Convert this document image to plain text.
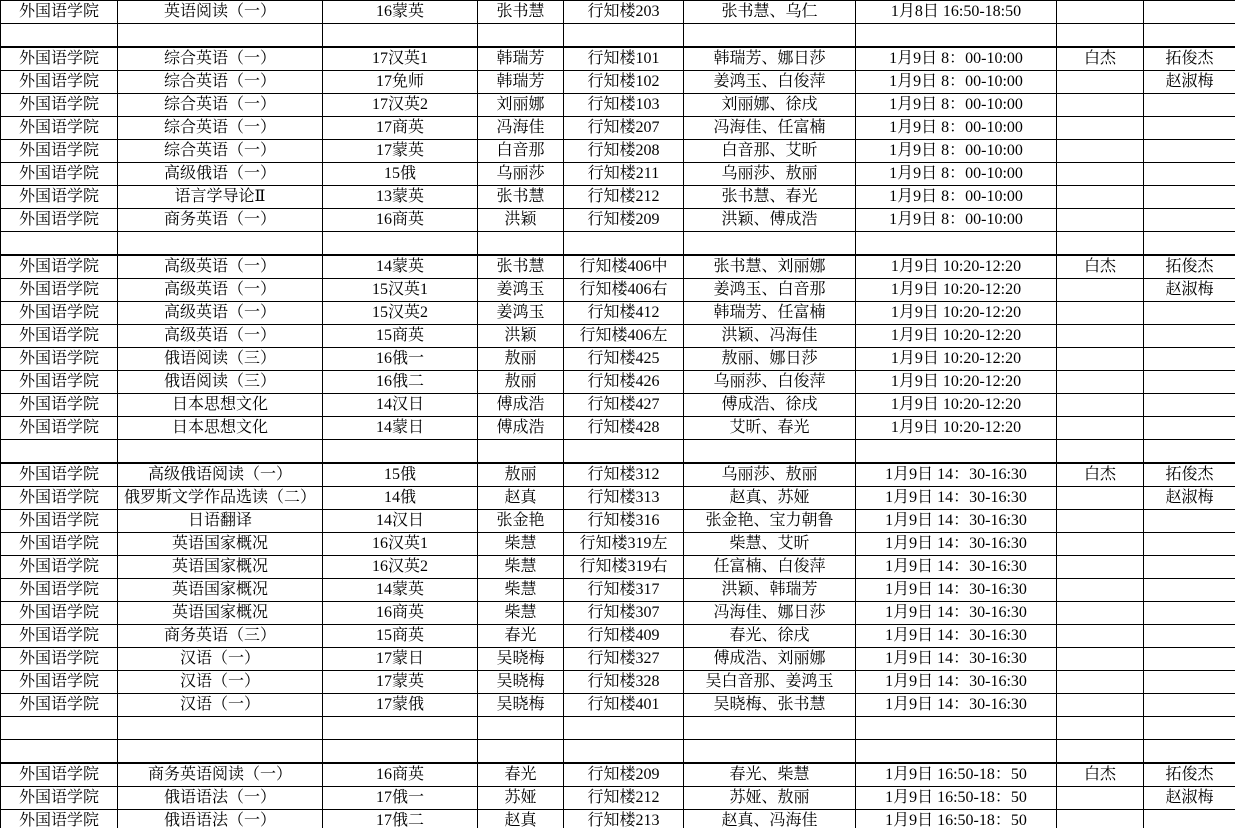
外国语学院	英语阅读（一）	16蒙英	张书慧	行知楼203	张书慧、乌仁	1月8日 16:50-18:50		

外国语学院	综合英语（一）	17汉英1	韩瑞芳	行知楼101	韩瑞芳、娜日莎	1月9日 8：00-10:00	白杰	拓俊杰
外国语学院	综合英语（一）	17免师	韩瑞芳	行知楼102	姜鸿玉、白俊萍	1月9日 8：00-10:00		赵淑梅
外国语学院	综合英语（一）	17汉英2	刘丽娜	行知楼103	刘丽娜、徐戌	1月9日 8：00-10:00		
外国语学院	综合英语（一）	17商英	冯海佳	行知楼207	冯海佳、任富楠	1月9日 8：00-10:00		
外国语学院	综合英语（一）	17蒙英	白音那	行知楼208	白音那、艾昕	1月9日 8：00-10:00		
外国语学院	高级俄语（一）	15俄	乌丽莎	行知楼211	乌丽莎、敖丽	1月9日 8：00-10:00		
外国语学院	语言学导论Ⅱ	13蒙英	张书慧	行知楼212	张书慧、春光	1月9日 8：00-10:00		
外国语学院	商务英语（一）	16商英	洪颖	行知楼209	洪颖、傅成浩	1月9日 8：00-10:00		

外国语学院	高级英语（一）	14蒙英	张书慧	行知楼406中	张书慧、刘丽娜	1月9日 10:20-12:20	白杰	拓俊杰
外国语学院	高级英语（一）	15汉英1	姜鸿玉	行知楼406右	姜鸿玉、白音那	1月9日 10:20-12:20		赵淑梅
外国语学院	高级英语（一）	15汉英2	姜鸿玉	行知楼412	韩瑞芳、任富楠	1月9日 10:20-12:20		
外国语学院	高级英语（一）	15商英	洪颖	行知楼406左	洪颖、冯海佳	1月9日 10:20-12:20		
外国语学院	俄语阅读（三）	16俄一	敖丽	行知楼425	敖丽、娜日莎	1月9日 10:20-12:20		
外国语学院	俄语阅读（三）	16俄二	敖丽	行知楼426	乌丽莎、白俊萍	1月9日 10:20-12:20		
外国语学院	日本思想文化	14汉日	傅成浩	行知楼427	傅成浩、徐戌	1月9日 10:20-12:20		
外国语学院	日本思想文化	14蒙日	傅成浩	行知楼428	艾昕、春光	1月9日 10:20-12:20		

外国语学院	高级俄语阅读（一）	15俄	敖丽	行知楼312	乌丽莎、敖丽	1月9日 14：30-16:30	白杰	拓俊杰
外国语学院	俄罗斯文学作品选读（二）	14俄	赵真	行知楼313	赵真、苏娅	1月9日 14：30-16:30		赵淑梅
外国语学院	日语翻译	14汉日	张金艳	行知楼316	张金艳、宝力朝鲁	1月9日 14：30-16:30		
外国语学院	英语国家概况	16汉英1	柴慧	行知楼319左	柴慧、艾昕	1月9日 14：30-16:30		
外国语学院	英语国家概况	16汉英2	柴慧	行知楼319右	任富楠、白俊萍	1月9日 14：30-16:30		
外国语学院	英语国家概况	14蒙英	柴慧	行知楼317	洪颖、韩瑞芳	1月9日 14：30-16:30		
外国语学院	英语国家概况	16商英	柴慧	行知楼307	冯海佳、娜日莎	1月9日 14：30-16:30		
外国语学院	商务英语（三）	15商英	春光	行知楼409	春光、徐戌	1月9日 14：30-16:30		
外国语学院	汉语（一）	17蒙日	吴晓梅	行知楼327	傅成浩、刘丽娜	1月9日 14：30-16:30		
外国语学院	汉语（一）	17蒙英	吴晓梅	行知楼328	吴白音那、姜鸿玉	1月9日 14：30-16:30		
外国语学院	汉语（一）	17蒙俄	吴晓梅	行知楼401	吴晓梅、张书慧	1月9日 14：30-16:30		

外国语学院	商务英语阅读（一）	16商英	春光	行知楼209	春光、柴慧	1月9日 16:50-18：50	白杰	拓俊杰
外国语学院	俄语语法（一）	17俄一	苏娅	行知楼212	苏娅、敖丽	1月9日 16:50-18：50		赵淑梅
外国语学院	俄语语法（一）	17俄二	赵真	行知楼213	赵真、冯海佳	1月9日 16:50-18：50		
